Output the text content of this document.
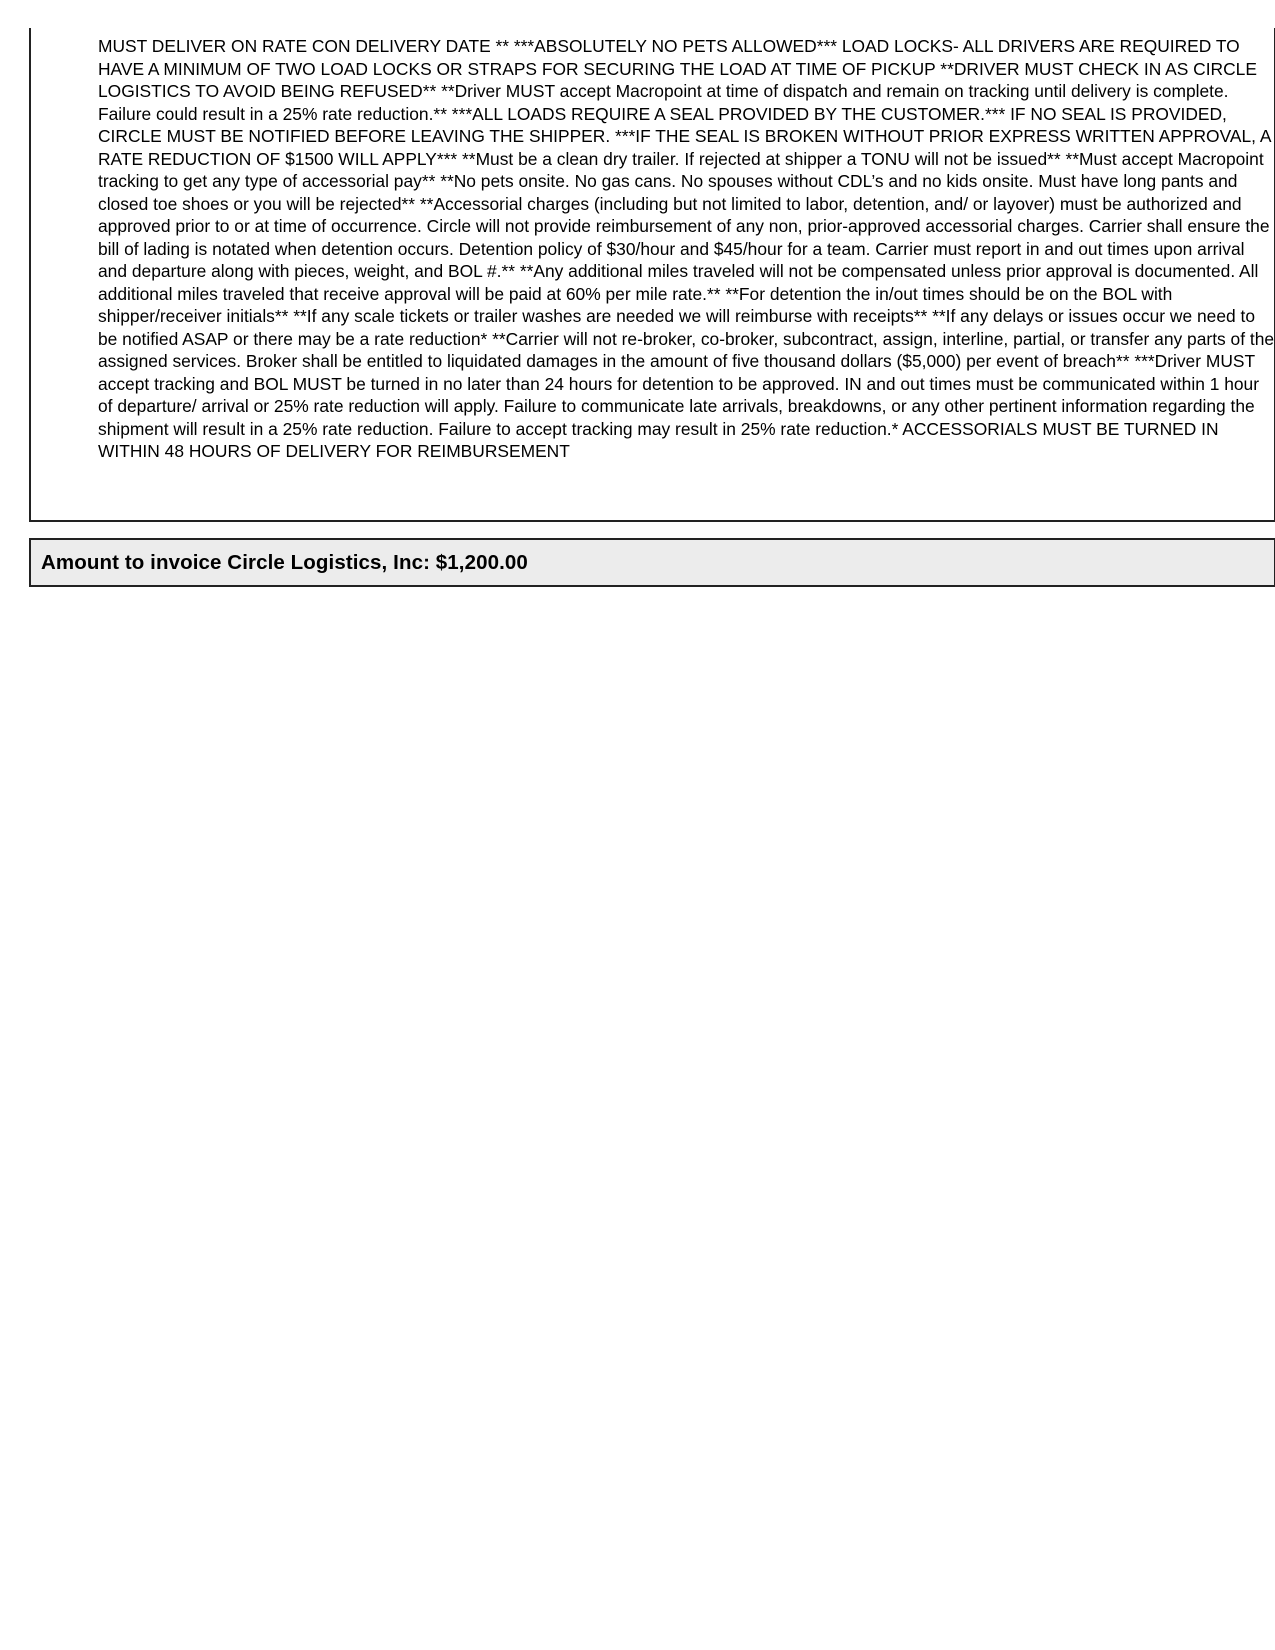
MUST DELIVER ON RATE CON DELIVERY DATE ** ***ABSOLUTELY NO PETS ALLOWED*** LOAD LOCKS- ALL DRIVERS ARE REQUIRED TO HAVE A MINIMUM OF TWO LOAD LOCKS OR STRAPS FOR SECURING THE LOAD AT TIME OF PICKUP **DRIVER MUST CHECK IN AS CIRCLE LOGISTICS TO AVOID BEING REFUSED** **Driver MUST accept Macropoint at time of dispatch and remain on tracking until delivery is complete. Failure could result in a 25% rate reduction.** ***ALL LOADS REQUIRE A SEAL PROVIDED BY THE CUSTOMER.*** IF NO SEAL IS PROVIDED, CIRCLE MUST BE NOTIFIED BEFORE LEAVING THE SHIPPER. ***IF THE SEAL IS BROKEN WITHOUT PRIOR EXPRESS WRITTEN APPROVAL, A RATE REDUCTION OF $1500 WILL APPLY*** **Must be a clean dry trailer. If rejected at shipper a TONU will not be issued** **Must accept Macropoint tracking to get any type of accessorial pay** **No pets onsite. No gas cans. No spouses without CDL’s and no kids onsite. Must have long pants and closed toe shoes or you will be rejected** **Accessorial charges (including but not limited to labor, detention, and/ or layover) must be authorized and approved prior to or at time of occurrence. Circle will not provide reimbursement of any non, prior-approved accessorial charges. Carrier shall ensure the bill of lading is notated when detention occurs. Detention policy of $30/hour and $45/hour for a team. Carrier must report in and out times upon arrival and departure along with pieces, weight, and BOL #.** **Any additional miles traveled will not be compensated unless prior approval is documented. All additional miles traveled that receive approval will be paid at 60% per mile rate.** **For detention the in/out times should be on the BOL with shipper/receiver initials** **If any scale tickets or trailer washes are needed we will reimburse with receipts** **If any delays or issues occur we need to be notified ASAP or there may be a rate reduction* **Carrier will not re-broker, co-broker, subcontract, assign, interline, partial, or transfer any parts of the assigned services. Broker shall be entitled to liquidated damages in the amount of five thousand dollars ($5,000) per event of breach** ***Driver MUST accept tracking and BOL MUST be turned in no later than 24 hours for detention to be approved. IN and out times must be communicated within 1 hour of departure/ arrival or 25% rate reduction will apply. Failure to communicate late arrivals, breakdowns, or any other pertinent information regarding the shipment will result in a 25% rate reduction. Failure to accept tracking may result in 25% rate reduction.* ACCESSORIALS MUST BE TURNED IN WITHIN 48 HOURS OF DELIVERY FOR REIMBURSEMENT

Amount to invoice Circle Logistics, Inc: $1,200.00
